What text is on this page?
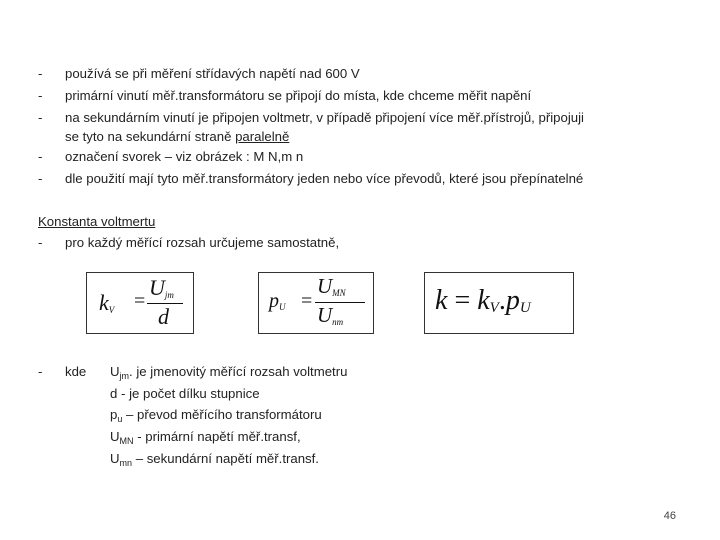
- používá se při měření střídavých napětí nad 600 V
- primární vinutí měř.transformátoru se připojí do místa, kde chceme měřit napění
- na sekundárním vinutí je připojen voltmetr, v případě připojení více měř.přístrojů, připojuji
se tyto na sekundární straně paralelně
- označení svorek – viz obrázek : M N,m n
- dle použití mají tyto měř.transformátory jeden nebo více převodů, které jsou přepínatelné
Konstanta voltmertu
- pro každý měřící rozsah určujeme samostatně,
$k_V$ =
$U_{jm}$
d
$p_U$ =
$U_{MN}$
$U_{nm}$
$k = k_V.p_U$
- kde $U_{jm}$. je jmenovitý měřící rozsah voltmetru
d - je počet dílku stupnice
$p_u$ – převod měřícího transformátoru
$U_{MN}$ - primární napětí měř.transf,
$U_{mn}$ – sekundární napětí měř.transf.
46
